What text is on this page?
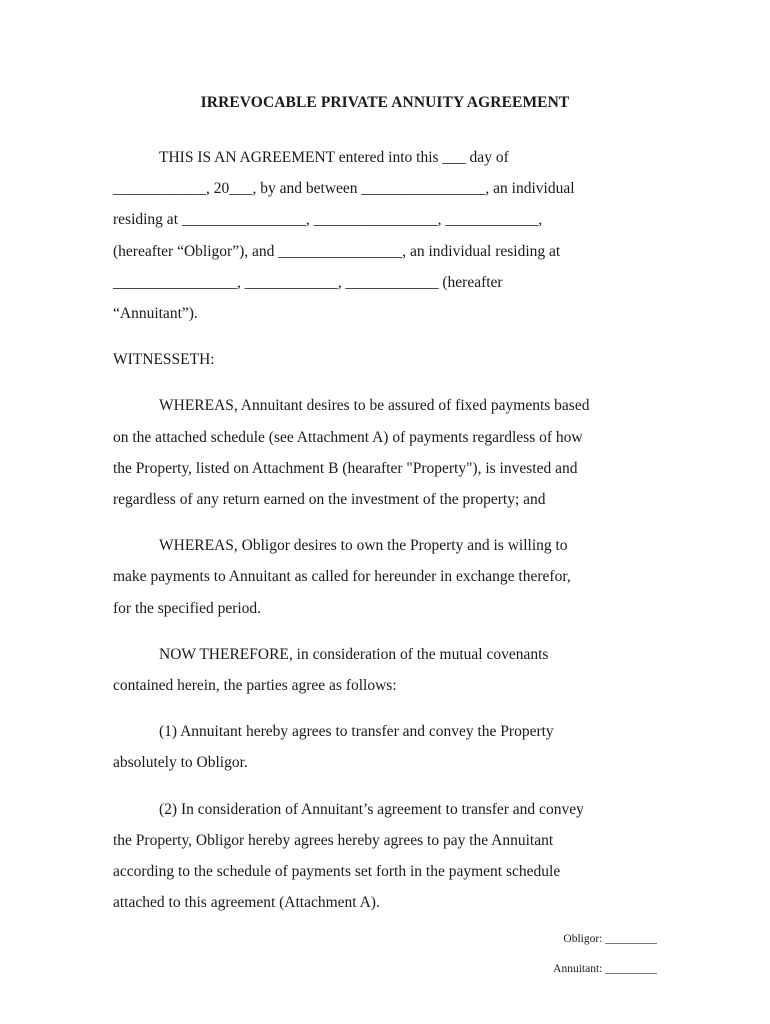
IRREVOCABLE PRIVATE ANNUITY AGREEMENT

THIS IS AN AGREEMENT entered into this ___ day of
____________, 20___, by and between ________________, an individual
residing at ________________, ________________, ____________,
(hereafter “Obligor”), and ________________, an individual residing at
________________, ____________, ____________ (hereafter
“Annuitant”).

WITNESSETH:

WHEREAS, Annuitant desires to be assured of fixed payments based
on the attached schedule (see Attachment A) of payments regardless of how
the Property, listed on Attachment B (hearafter "Property"), is invested and
regardless of any return earned on the investment of the property; and

WHEREAS, Obligor desires to own the Property and is willing to
make payments to Annuitant as called for hereunder in exchange therefor,
for the specified period.

NOW THEREFORE, in consideration of the mutual covenants
contained herein, the parties agree as follows:

(1) Annuitant hereby agrees to transfer and convey the Property
absolutely to Obligor.

(2) In consideration of Annuitant’s agreement to transfer and convey
the Property, Obligor hereby agrees hereby agrees to pay the Annuitant
according to the schedule of payments set forth in the payment schedule
attached to this agreement (Attachment A).

Obligor: _________
Annuitant: _________
